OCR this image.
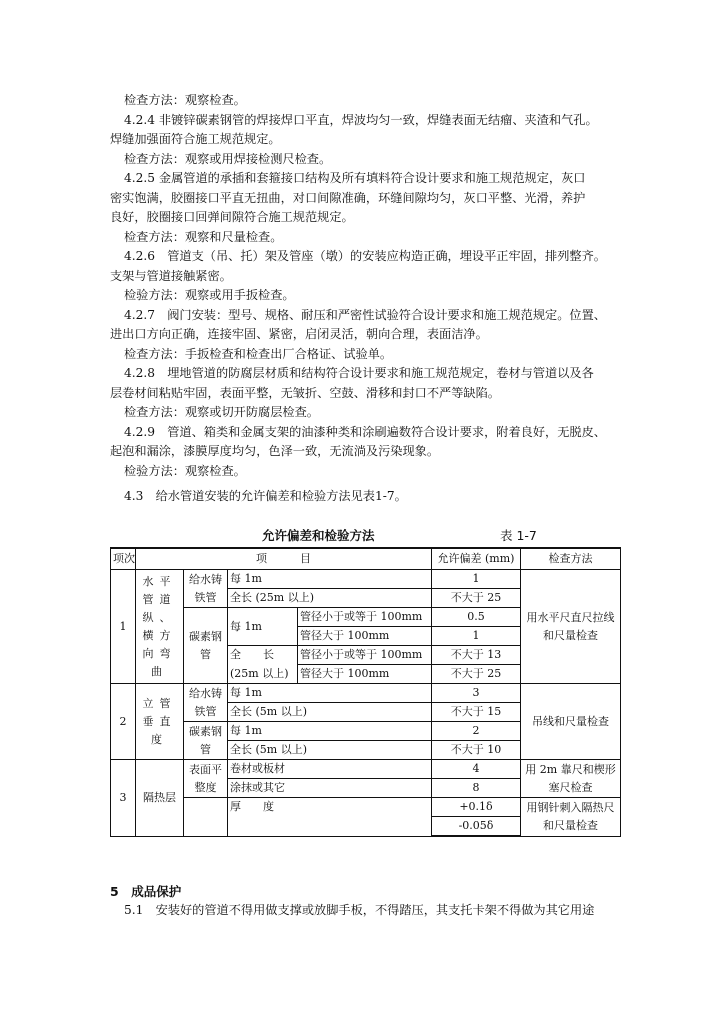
检查方法：观察检查。
4.2.4 非镀锌碳素钢管的焊接焊口平直，焊波均匀一致，焊缝表面无结瘤、夹渣和气孔。
焊缝加强面符合施工规范规定。
检查方法：观察或用焊接检测尺检查。
4.2.5 金属管道的承插和套箍接口结构及所有填料符合设计要求和施工规范规定，灰口
密实饱满，胶圈接口平直无扭曲，对口间隙准确，环缝间隙均匀，灰口平整、光滑，养护
良好，胶圈接口回弹间隙符合施工规范规定。
检查方法：观察和尺量检查。
4.2.6　管道支（吊、托）架及管座（墩）的安装应构造正确，埋设平正牢固，排列整齐。
支架与管道接触紧密。
检验方法：观察或用手扳检查。
4.2.7　阀门安装：型号、规格、耐压和严密性试验符合设计要求和施工规范规定。位置、
进出口方向正确，连接牢固、紧密，启闭灵活，朝向合理，表面洁净。
检查方法：手扳检查和检查出厂合格证、试验单。
4.2.8　埋地管道的防腐层材质和结构符合设计要求和施工规范规定，卷材与管道以及各
层卷材间粘贴牢固，表面平整，无皱折、空鼓、滑移和封口不严等缺陷。
检查方法：观察或切开防腐层检查。
4.2.9　管道、箱类和金属支架的油漆种类和涂刷遍数符合设计要求，附着良好，无脱皮、
起泡和漏涂，漆膜厚度均匀，色泽一致，无流淌及污染现象。
检验方法：观察检查。
4.3　给水管道安装的允许偏差和检验方法见表1-7。
允许偏差和检验方法	表 1-7
项次	项　　　目				允许偏差 (mm)	检查方法
1	水平管道纵、横方向弯曲	给水铸铁管	每 1m		1	用水平尺直尺拉线和尺量检查
			全长 (25m 以上)		不大于 25	
		碳素钢管	每 1m	管径小于或等于 100mm	0.5	
				管径大于 100mm	1	
			全　　长	管径小于或等于 100mm	不大于 13	
			(25m 以上)	管径大于 100mm	不大于 25	
2	立管垂直度	给水铸铁管	每 1m		3	吊线和尺量检查
			全长 (5m 以上)		不大于 15	
		碳素钢管	每 1m		2	
			全长 (5m 以上)		不大于 10	
3	隔热层	表面平整度	卷材或板材		4	用 2m 靠尺和楔形塞尺检查
			涂抹或其它		8	
			厚　　度		+0.1δ	用钢针刺入隔热尺和尺量检查
					-0.05δ	
5　成品保护
5.1　安装好的管道不得用做支撑或放脚手板，不得踏压，其支托卡架不得做为其它用途
